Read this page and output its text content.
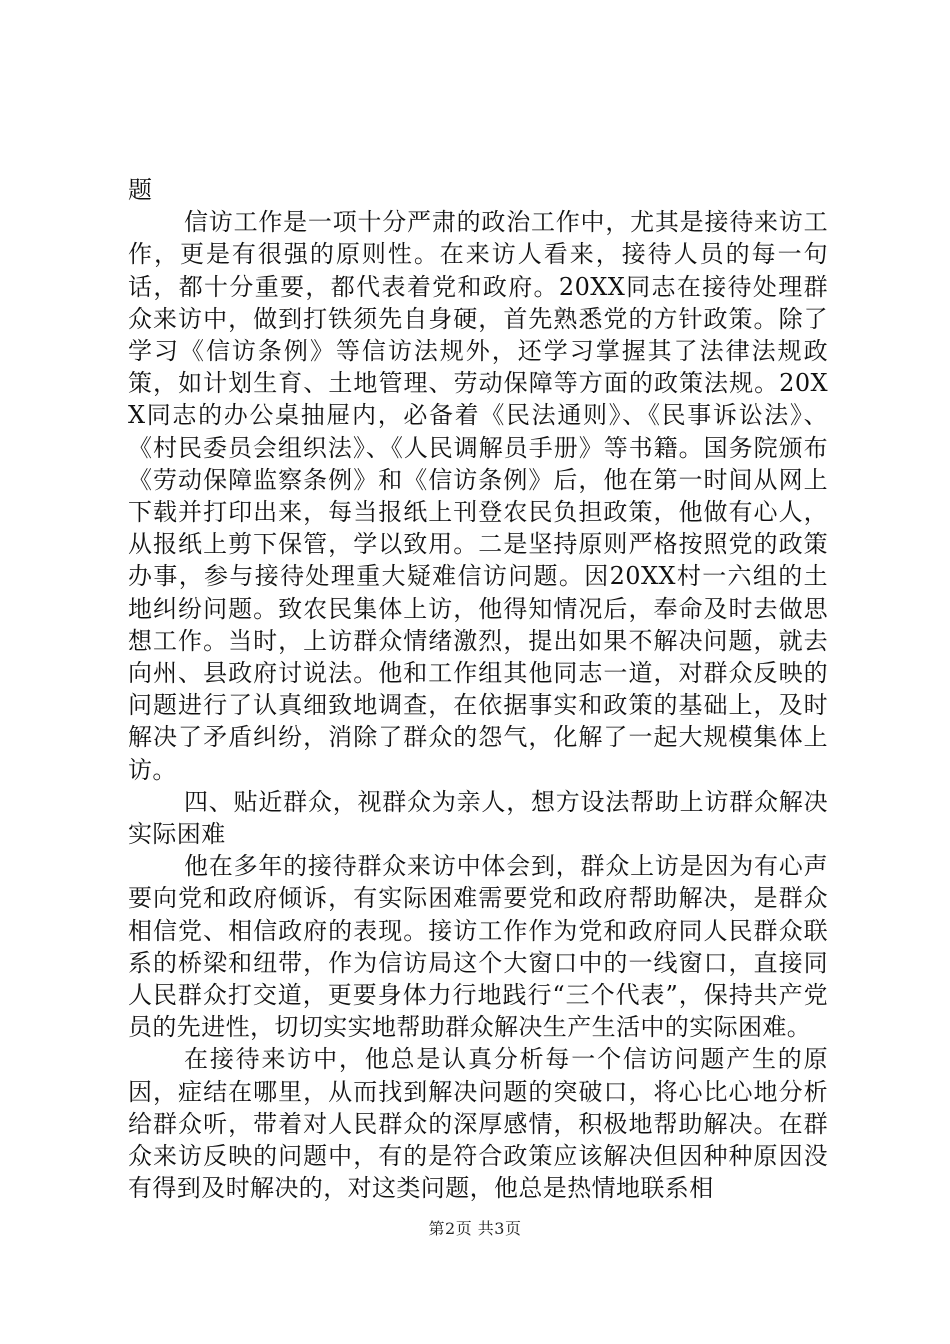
题

信访工作是一项十分严肃的政治工作中，尤其是接待来访工作，更是有很强的原则性。在来访人看来，接待人员的每一句话，都十分重要，都代表着党和政府。20XX同志在接待处理群众来访中，做到打铁须先自身硬，首先熟悉党的方针政策。除了学习《信访条例》等信访法规外，还学习掌握其了法律法规政策，如计划生育、土地管理、劳动保障等方面的政策法规。20XX同志的办公桌抽屉内，必备着《民法通则》、《民事诉讼法》、《村民委员会组织法》、《人民调解员手册》等书籍。国务院颁布《劳动保障监察条例》和《信访条例》后，他在第一时间从网上下载并打印出来，每当报纸上刊登农民负担政策，他做有心人，从报纸上剪下保管，学以致用。二是坚持原则严格按照党的政策办事，参与接待处理重大疑难信访问题。因20XX村一六组的土地纠纷问题。致农民集体上访，他得知情况后，奉命及时去做思想工作。当时，上访群众情绪激烈，提出如果不解决问题，就去向州、县政府讨说法。他和工作组其他同志一道，对群众反映的问题进行了认真细致地调查，在依据事实和政策的基础上，及时解决了矛盾纠纷，消除了群众的怨气，化解了一起大规模集体上访。

四、贴近群众，视群众为亲人，想方设法帮助上访群众解决实际困难

他在多年的接待群众来访中体会到，群众上访是因为有心声要向党和政府倾诉，有实际困难需要党和政府帮助解决，是群众相信党、相信政府的表现。接访工作作为党和政府同人民群众联系的桥梁和纽带，作为信访局这个大窗口中的一线窗口，直接同人民群众打交道，更要身体力行地践行“三个代表”，保持共产党员的先进性，切切实实地帮助群众解决生产生活中的实际困难。

在接待来访中，他总是认真分析每一个信访问题产生的原因，症结在哪里，从而找到解决问题的突破口，将心比心地分析给群众听，带着对人民群众的深厚感情，积极地帮助解决。在群众来访反映的问题中，有的是符合政策应该解决但因种种原因没有得到及时解决的，对这类问题，他总是热情地联系相

第2页 共3页
